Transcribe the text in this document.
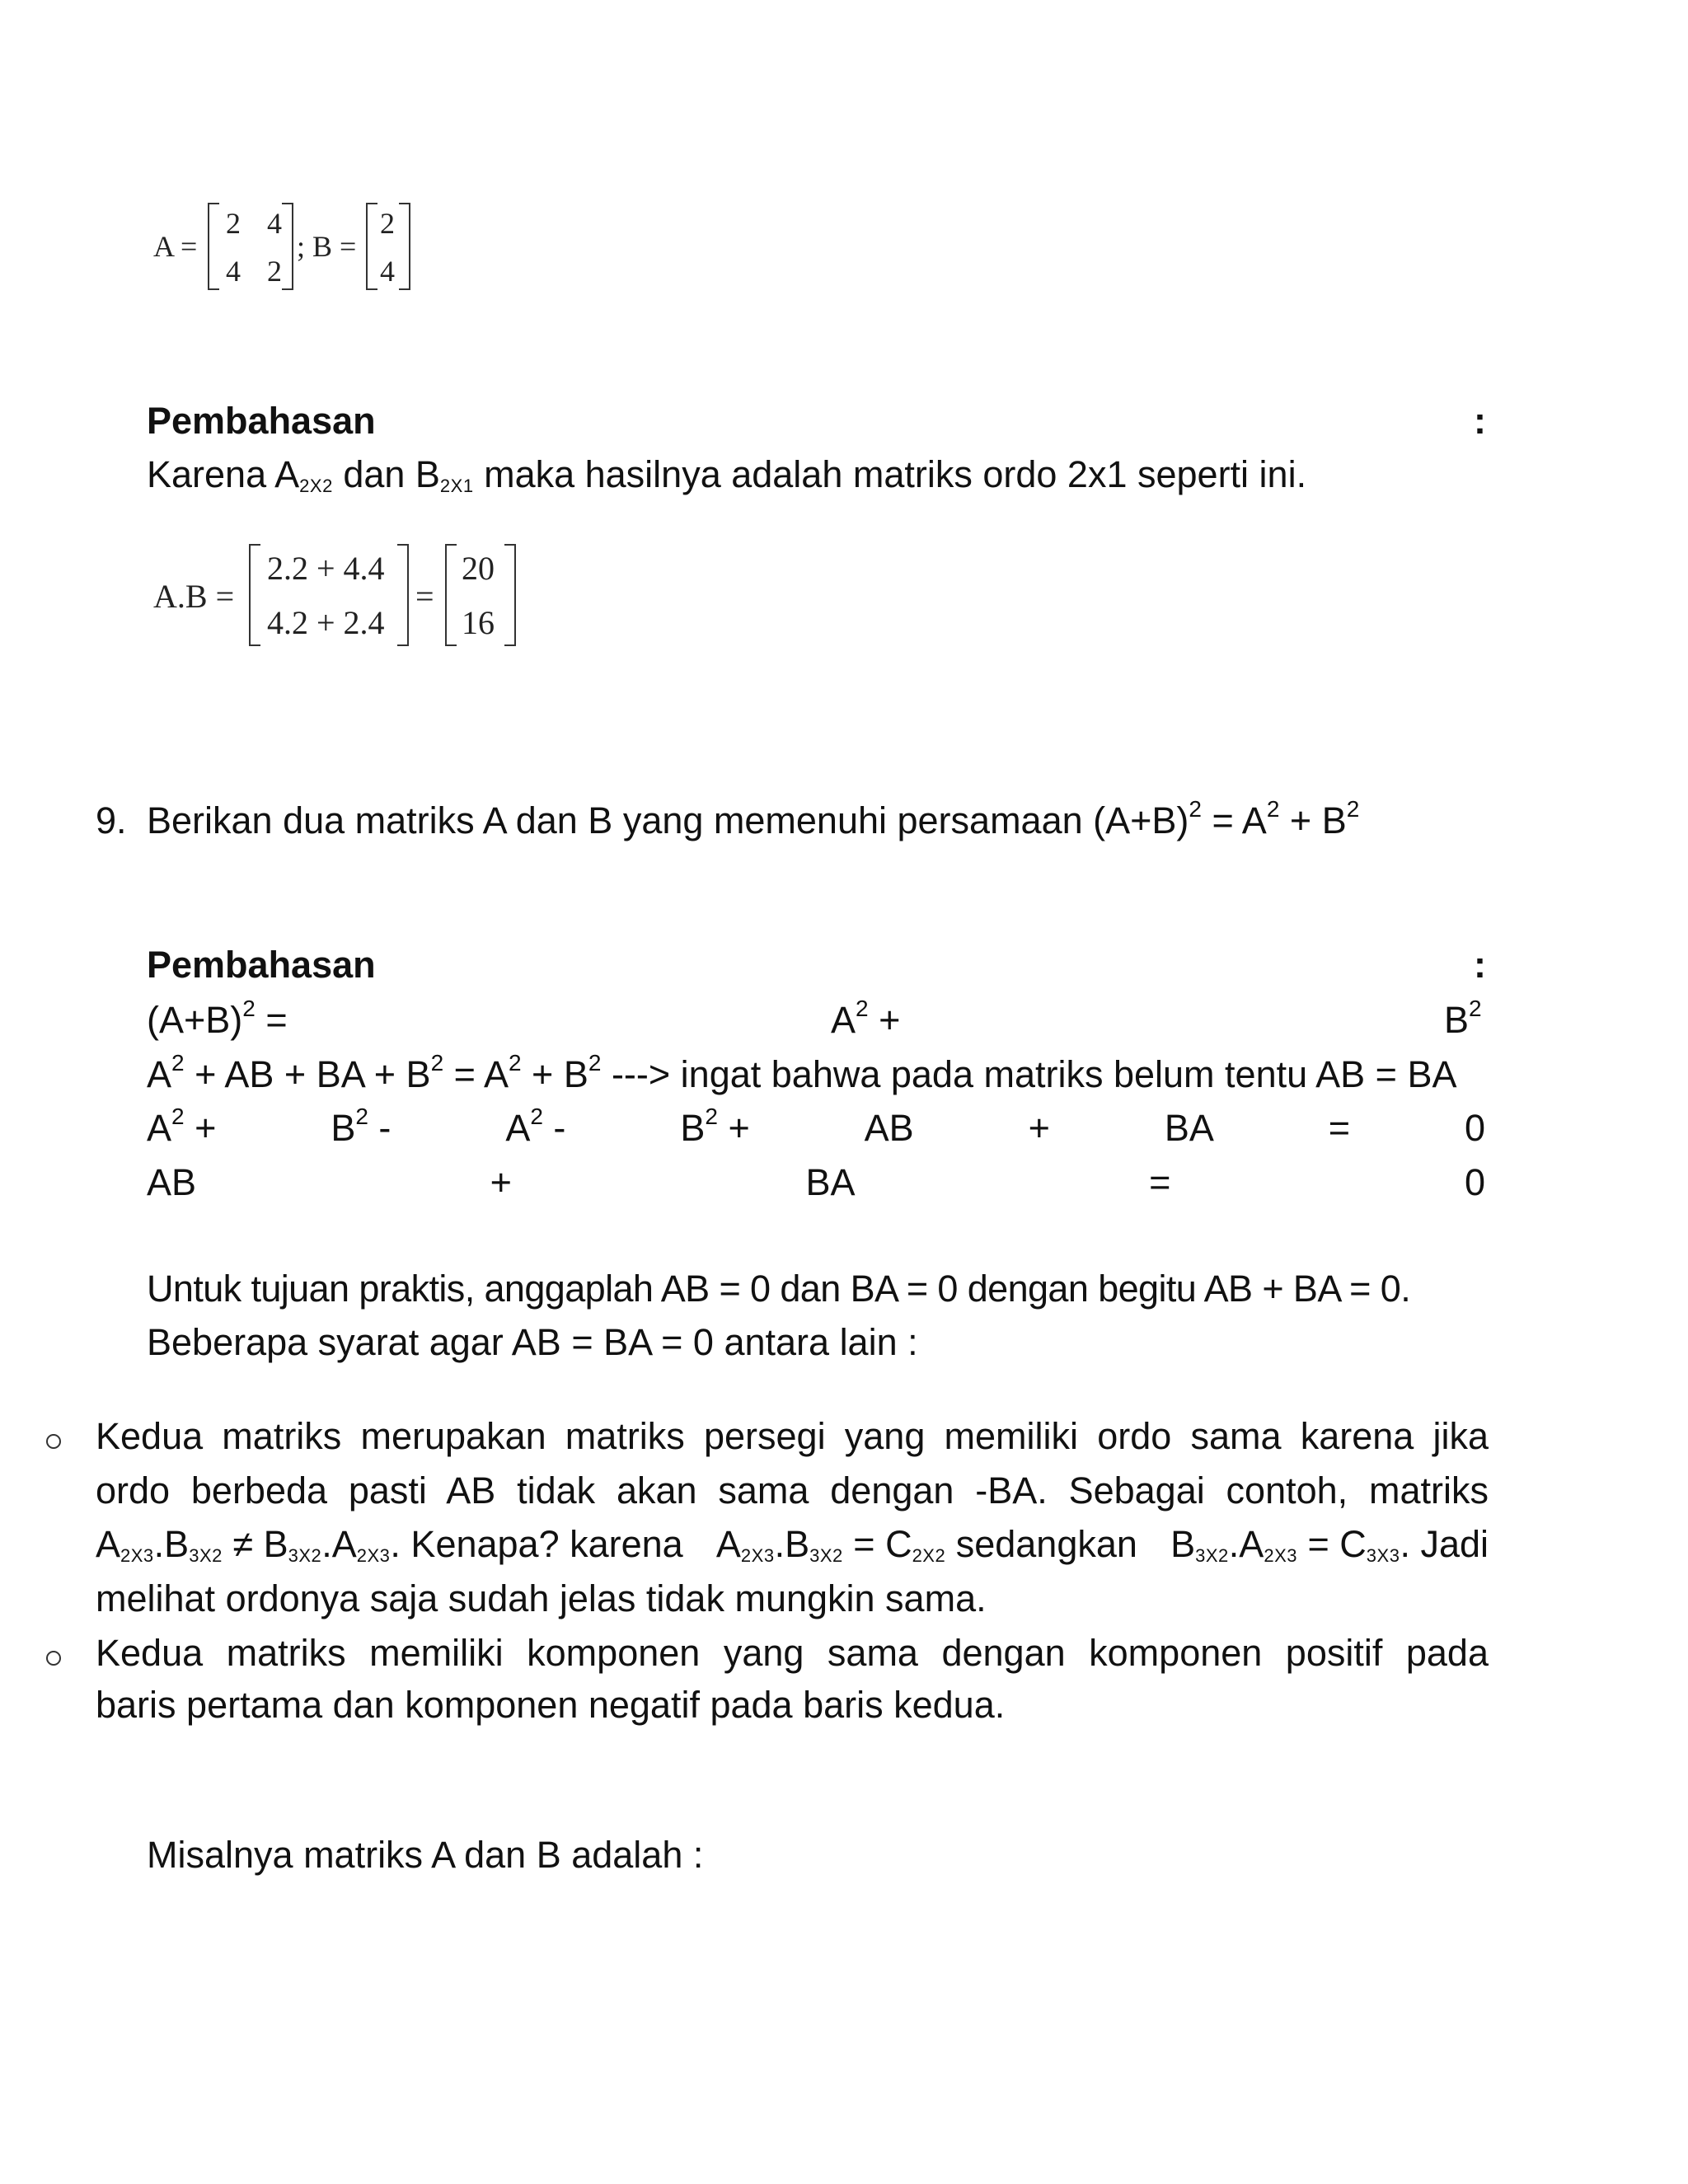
A =
2 4
4 2
; B =
2
4
Pembahasan	:
Karena $A_{2X2}$ dan $B_{2X1}$ maka hasilnya adalah matriks ordo 2x1 seperti ini.
A.B =
2.2 + 4.4
4.2 + 2.4
=
20
16
9. Berikan dua matriks A dan B yang memenuhi persamaan $(A+B)^2 = A^2 + B^2$
Pembahasan	:
$(A+B)^2$ =	$A^2$ +	$B^2$
$A^2$ + AB + BA + $B^2 = A^2 + B^2$ ---> ingat bahwa pada matriks belum tentu AB = BA
$A^2$ +	$B^2$ -	$A^2$ -	$B^2$ +	AB	+	BA	=	0
AB	+	BA	=	0
Untuk tujuan praktis, anggaplah AB = 0 dan BA = 0 dengan begitu AB + BA = 0.
Beberapa syarat agar AB = BA = 0 antara lain :
Kedua matriks merupakan matriks persegi yang memiliki ordo sama karena jika
ordo berbeda pasti AB tidak akan sama dengan -BA. Sebagai contoh, matriks
$A_{2X3}.B_{3X2} \ne B_{3X2}.A_{2X3}$. Kenapa? karena $A_{2X3}.B_{3X2} = C_{2X2}$ sedangkan $B_{3X2}.A_{2X3} = C_{3X3}$. Jadi
melihat ordonya saja sudah jelas tidak mungkin sama.
Kedua matriks memiliki komponen yang sama dengan komponen positif pada
baris pertama dan komponen negatif pada baris kedua.
Misalnya matriks A dan B adalah :
